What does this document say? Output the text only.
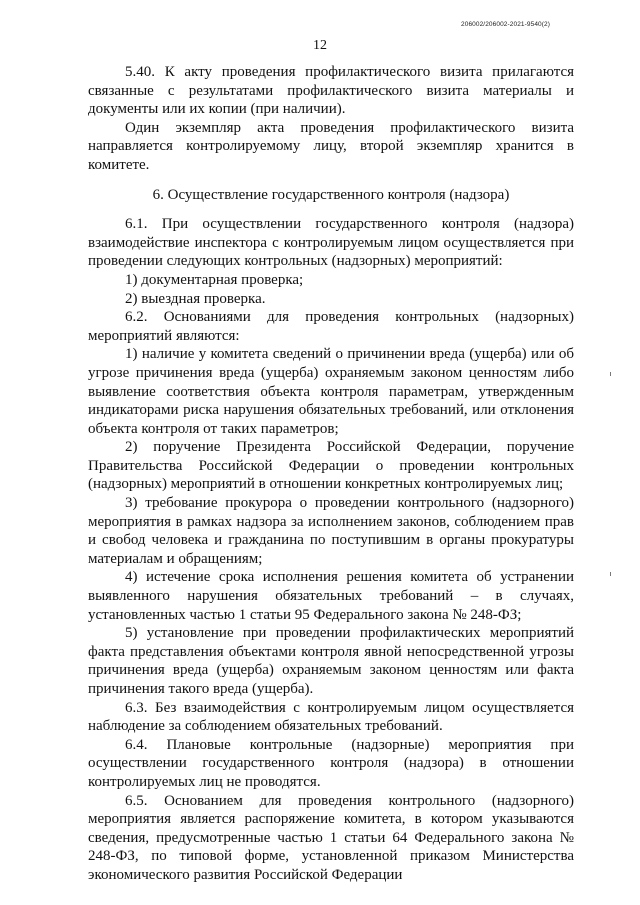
206002/206002-2021-9540(2)
12

5.40. К акту проведения профилактического визита прилагаются связанные с результатами профилактического визита материалы и документы или их копии (при наличии).

Один экземпляр акта проведения профилактического визита направляется контролируемому лицу, второй экземпляр хранится в комитете.

6. Осуществление государственного контроля (надзора)

6.1. При осуществлении государственного контроля (надзора) взаимодействие инспектора с контролируемым лицом осуществляется при проведении следующих контрольных (надзорных) мероприятий:

1) документарная проверка;

2) выездная проверка.

6.2. Основаниями для проведения контрольных (надзорных) мероприятий являются:

1) наличие у комитета сведений о причинении вреда (ущерба) или об угрозе причинения вреда (ущерба) охраняемым законом ценностям либо выявление соответствия объекта контроля параметрам, утвержденным индикаторами риска нарушения обязательных требований, или отклонения объекта контроля от таких параметров;

2) поручение Президента Российской Федерации, поручение Правительства Российской Федерации о проведении контрольных (надзорных) мероприятий в отношении конкретных контролируемых лиц;

3) требование прокурора о проведении контрольного (надзорного) мероприятия в рамках надзора за исполнением законов, соблюдением прав и свобод человека и гражданина по поступившим в органы прокуратуры материалам и обращениям;

4) истечение срока исполнения решения комитета об устранении выявленного нарушения обязательных требований – в случаях, установленных частью 1 статьи 95 Федерального закона № 248-ФЗ;

5) установление при проведении профилактических мероприятий факта представления объектами контроля явной непосредственной угрозы причинения вреда (ущерба) охраняемым законом ценностям или факта причинения такого вреда (ущерба).

6.3. Без взаимодействия с контролируемым лицом осуществляется наблюдение за соблюдением обязательных требований.

6.4. Плановые контрольные (надзорные) мероприятия при осуществлении государственного контроля (надзора) в отношении контролируемых лиц не проводятся.

6.5. Основанием для проведения контрольного (надзорного) мероприятия является распоряжение комитета, в котором указываются сведения, предусмотренные частью 1 статьи 64 Федерального закона № 248-ФЗ, по типовой форме, установленной приказом Министерства экономического развития Российской Федерации
